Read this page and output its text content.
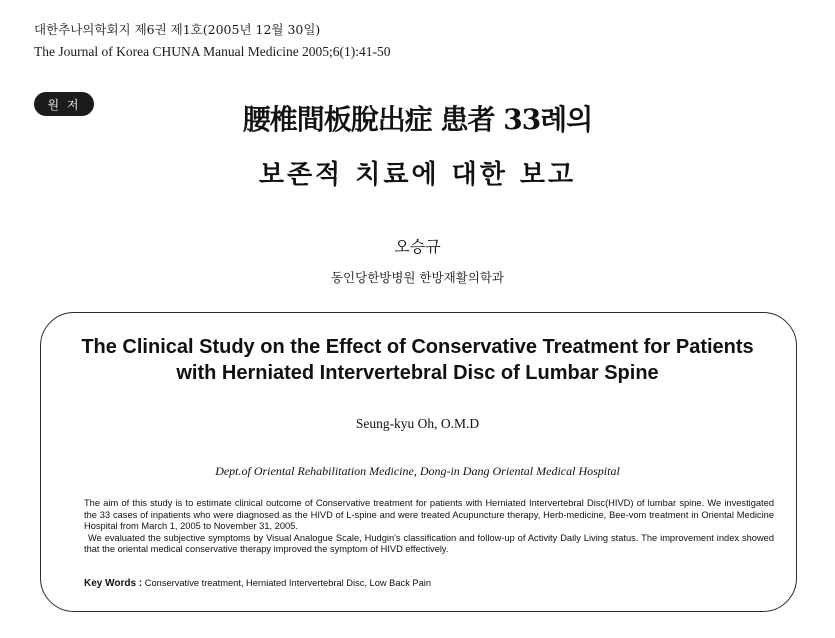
대한추나의학회지 제6권 제1호(2005년 12월 30일)
The Journal of Korea CHUNA Manual Medicine 2005;6(1):41-50
원 저	腰椎間板脫出症 患者 33례의
보존적 치료에 대한 보고
오승규
동인당한방병원 한방재활의학과
The Clinical Study on the Effect of Conservative Treatment for Patients
with Herniated Intervertebral Disc of Lumbar Spine
Seung-kyu Oh, O.M.D
Dept.of Oriental Rehabilitation Medicine, Dong-in Dang Oriental Medical Hospital

The aim of this study is to estimate clinical outcome of Conservative treatment for patients with Herniated Intervertebral Disc(HIVD) of lumbar spine. We investigated the 33 cases of inpatients who were diagnosed as the HIVD of L-spine and were treated Acupuncture therapy, Herb-medicine, Bee-vom treatment in Oriental Medicine Hospital from March 1, 2005 to November 31, 2005.

We evaluated the subjective symptoms by Visual Analogue Scale, Hudgin's classification and follow-up of Activity Daily Living status. The improvement index showed that the oriental medical conservative therapy improved the symptom of HIVD effectively.

Key Words : Conservative treatment, Herniated Intervertebral Disc, Low Back Pain
